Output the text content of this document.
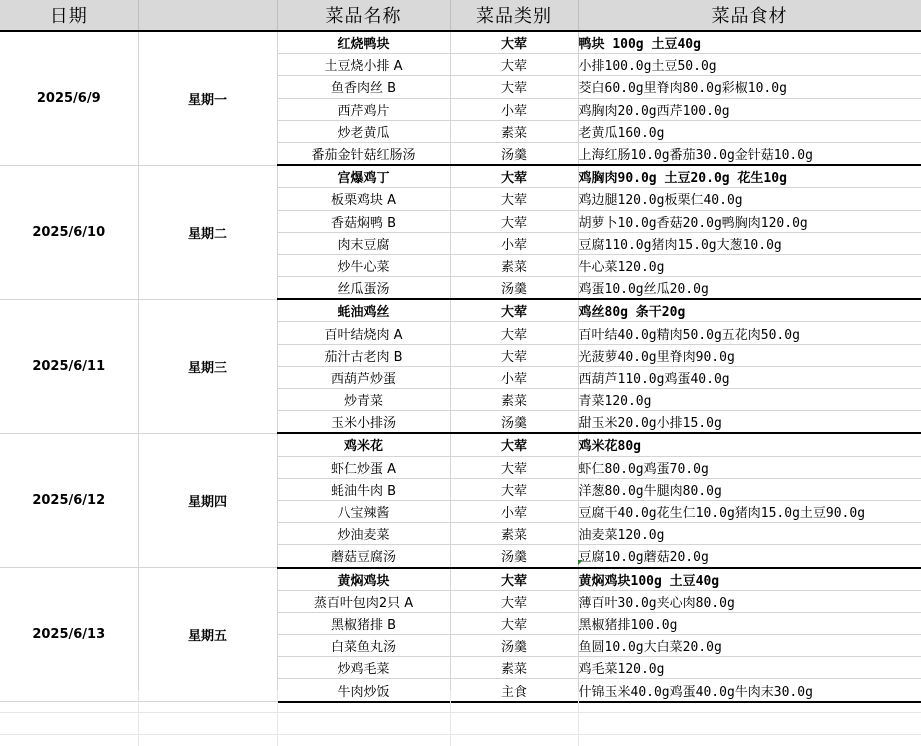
日期		菜品名称	菜品类别	菜品食材
2025/6/9	星期一	红烧鸭块	大荤	鸭块 100g 土豆40g
		土豆烧小排 A	大荤	小排100.0g土豆50.0g
		鱼香肉丝 B	大荤	茭白60.0g里脊肉80.0g彩椒10.0g
		西芹鸡片	小荤	鸡胸肉20.0g西芹100.0g
		炒老黄瓜	素菜	老黄瓜160.0g
		番茄金针菇红肠汤	汤羹	上海红肠10.0g番茄30.0g金针菇10.0g
2025/6/10	星期二	宫爆鸡丁	大荤	鸡胸肉90.0g 土豆20.0g 花生10g
		板栗鸡块 A	大荤	鸡边腿120.0g板栗仁40.0g
		香菇焖鸭 B	大荤	胡萝卜10.0g香菇20.0g鸭胸肉120.0g
		肉末豆腐	小荤	豆腐110.0g猪肉15.0g大葱10.0g
		炒牛心菜	素菜	牛心菜120.0g
		丝瓜蛋汤	汤羹	鸡蛋10.0g丝瓜20.0g
2025/6/11	星期三	蚝油鸡丝	大荤	鸡丝80g 条干20g
		百叶结烧肉 A	大荤	百叶结40.0g精肉50.0g五花肉50.0g
		茄汁古老肉 B	大荤	光菠萝40.0g里脊肉90.0g
		西葫芦炒蛋	小荤	西葫芦110.0g鸡蛋40.0g
		炒青菜	素菜	青菜120.0g
		玉米小排汤	汤羹	甜玉米20.0g小排15.0g
2025/6/12	星期四	鸡米花	大荤	鸡米花80g
		虾仁炒蛋 A	大荤	虾仁80.0g鸡蛋70.0g
		蚝油牛肉 B	大荤	洋葱80.0g牛腿肉80.0g
		八宝辣酱	小荤	豆腐干40.0g花生仁10.0g猪肉15.0g土豆90.0g
		炒油麦菜	素菜	油麦菜120.0g
		蘑菇豆腐汤	汤羹	豆腐10.0g蘑菇20.0g
2025/6/13	星期五	黄焖鸡块	大荤	黄焖鸡块100g 土豆40g
		蒸百叶包肉2只 A	大荤	薄百叶30.0g夹心肉80.0g
		黑椒猪排 B	大荤	黑椒猪排100.0g
		白菜鱼丸汤	汤羹	鱼圆10.0g大白菜20.0g
		炒鸡毛菜	素菜	鸡毛菜120.0g
		牛肉炒饭	主食	什锦玉米40.0g鸡蛋40.0g牛肉末30.0g
